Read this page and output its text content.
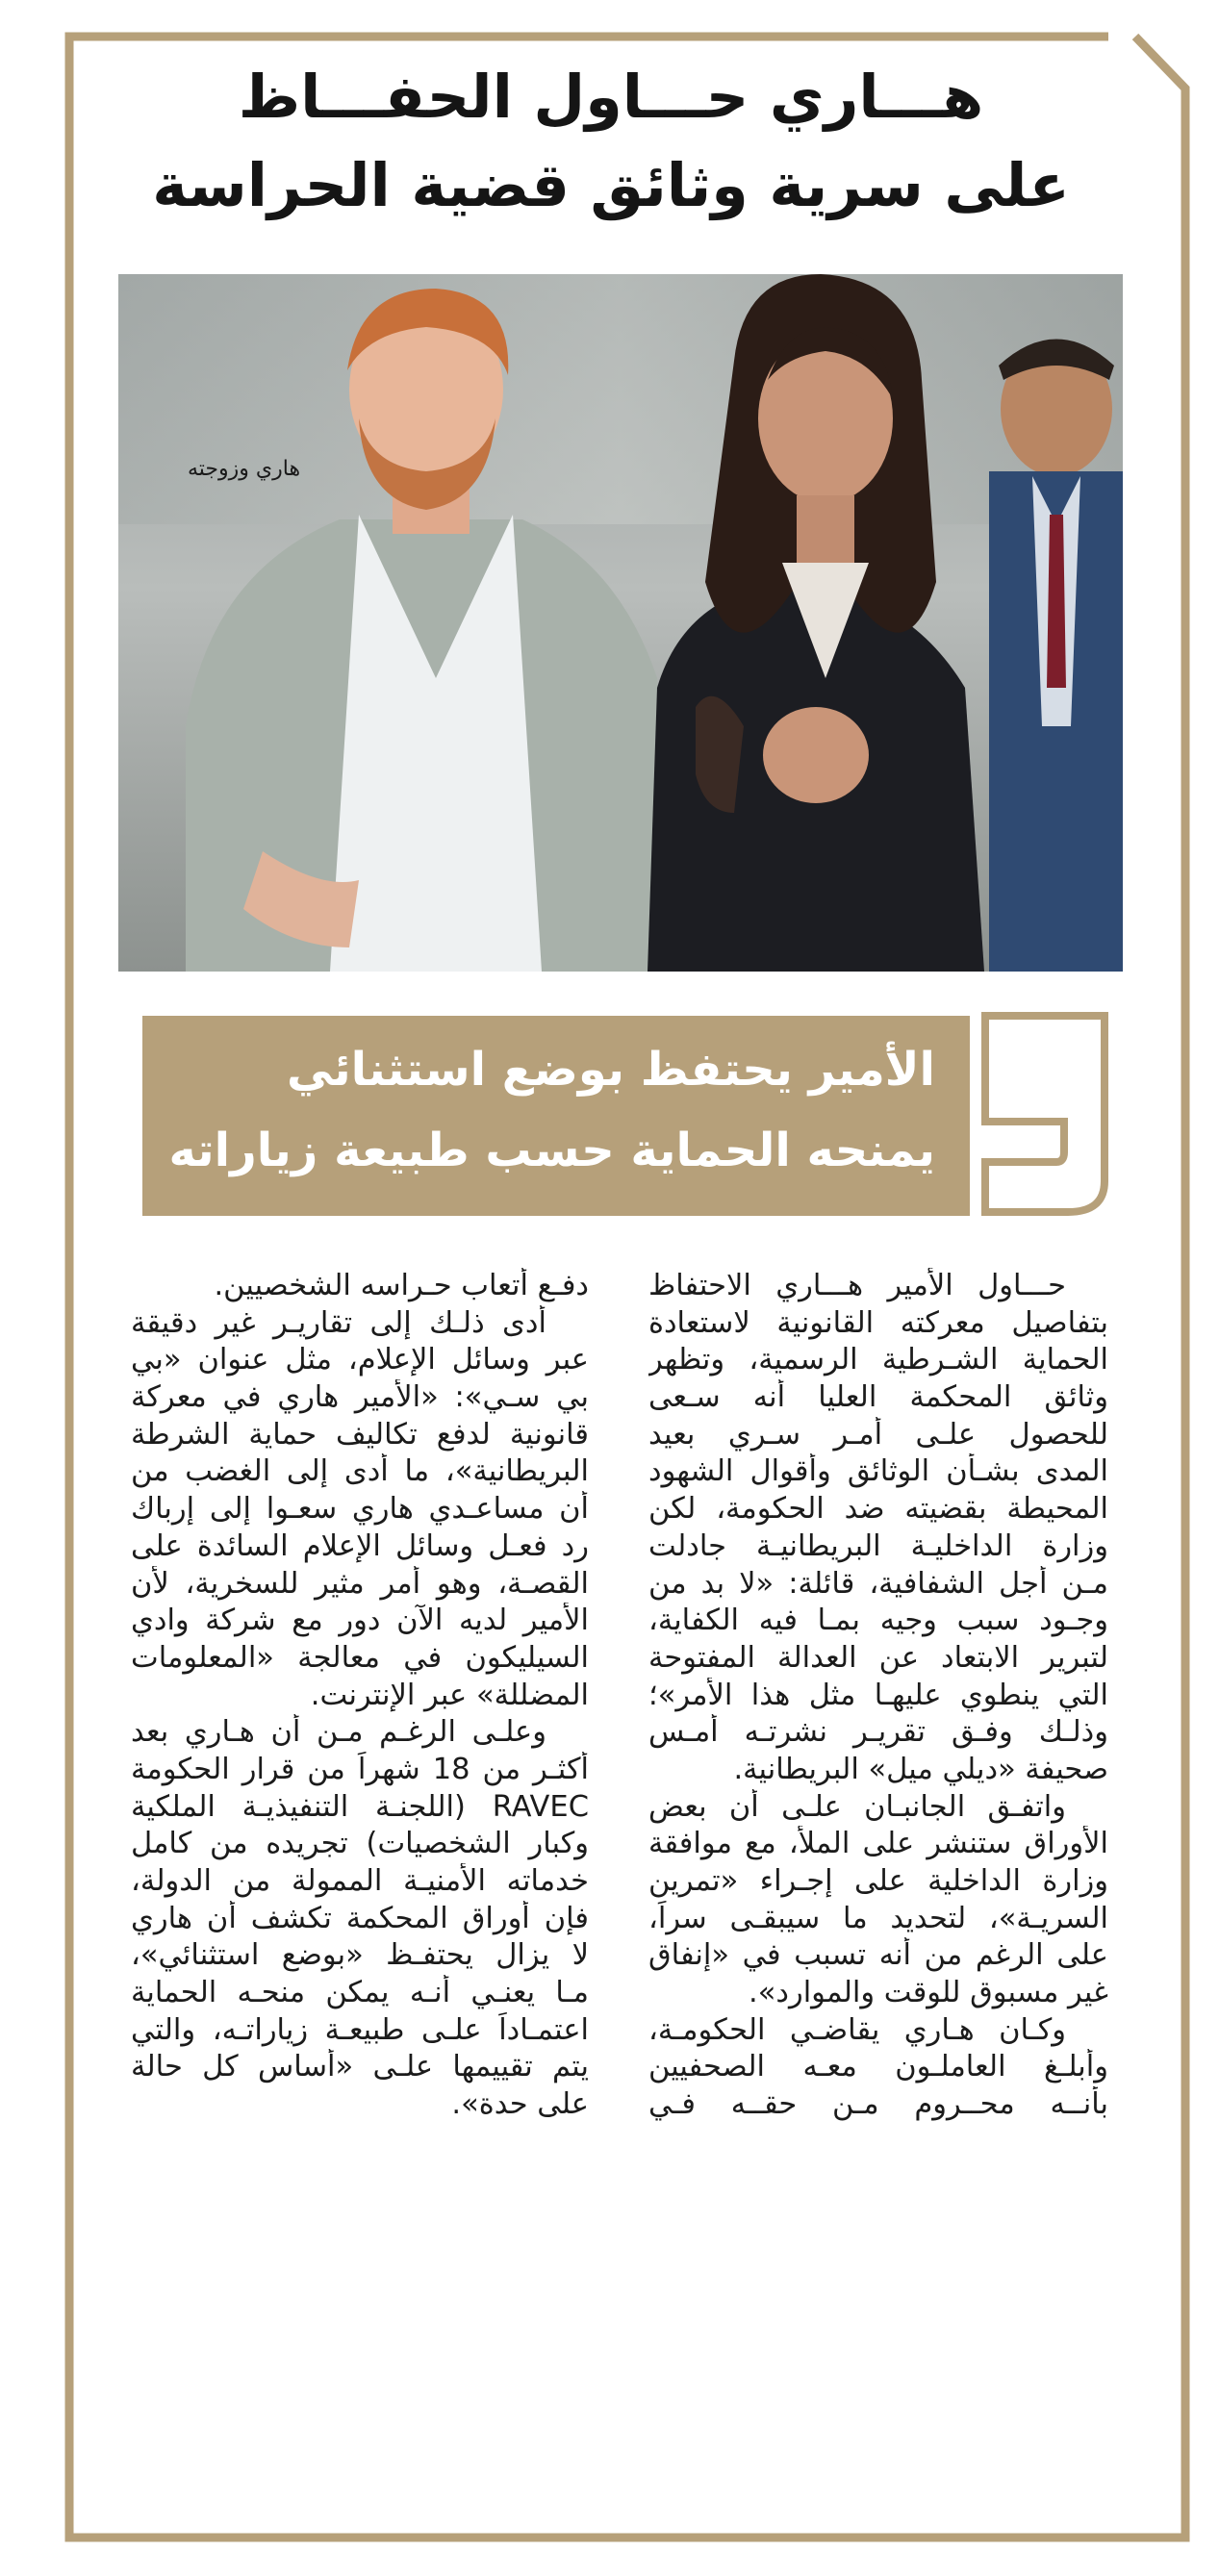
هـــاري حـــاول الحفـــاظ
على سرية وثائق قضية الحراسة
هاري وزوجته
الأمير يحتفظ بوضع استثنائي
يمنحه الحماية حسب طبيعة زياراته
حـــاول الأمير هـــاري الاحتفاظ
بتفاصيل معركته القانونية لاستعادة
الحماية الشـرطية الرسمية، وتظهر
وثائق المحكمة العليا أنه سـعى
للحصول علـى أمـر سـري بعيد
المدى بشـأن الوثائق وأقوال الشهود
المحيطة بقضيته ضد الحكومة، لكن
وزارة الداخليـة البريطانيـة جادلت
مـن أجل الشفافية، قائلة: «لا بد من
وجـود سبب وجيه بمـا فيه الكفاية،
لتبرير الابتعاد عن العدالة المفتوحة
التي ينطوي عليهـا مثل هذا الأمر»؛
وذلـك وفـق تقريـر نشرتـه أمـس
صحيفة «ديلي ميل» البريطانية.
واتفـق الجانبـان علـى أن بعض
الأوراق ستنشر على الملأ، مع موافقة
وزارة الداخلية على إجـراء «تمرين
السريـة»، لتحديد ما سيبقـى سراً،
على الرغم من أنه تسبب في «إنفاق
غير مسبوق للوقت والموارد».
وكـان هـاري يقاضـي الحكومـة،
وأبلـغ العاملـون معـه الصحفيين
بأنــه محــروم مـن حقــه فـي
دفـع أتعاب حـراسه الشخصيين.
أدى ذلـك إلى تقاريـر غير دقيقة
عبر وسائل الإعلام، مثل عنوان «بي
بي سـي»: «الأمير هاري في معركة
قانونية لدفع تكاليف حماية الشرطة
البريطانية»، ما أدى إلى الغضب من
أن مساعـدي هاري سعـوا إلى إرباك
رد فعـل وسائل الإعلام السائدة على
القصـة، وهو أمر مثير للسخرية، لأن
الأمير لديه الآن دور مع شركة وادي
السيليكون في معالجة «المعلومات
المضللة» عبر الإنترنت.
وعلـى الرغـم مـن أن هـاري بعد
أكثـر من 18 شهراً من قرار الحكومة
RAVEC (اللجنـة التنفيذيـة الملكية
وكبار الشخصيات) تجريده من كامل
خدماته الأمنيـة الممولة من الدولة،
فإن أوراق المحكمة تكشف أن هاري
لا يزال يحتفـظ «بوضع استثنائي»،
مـا يعنـي أنـه يمكن منحـه الحماية
اعتمـاداً علـى طبيعـة زياراتـه، والتي
يتم تقييمها علـى «أساس كل حالة
على حدة».
